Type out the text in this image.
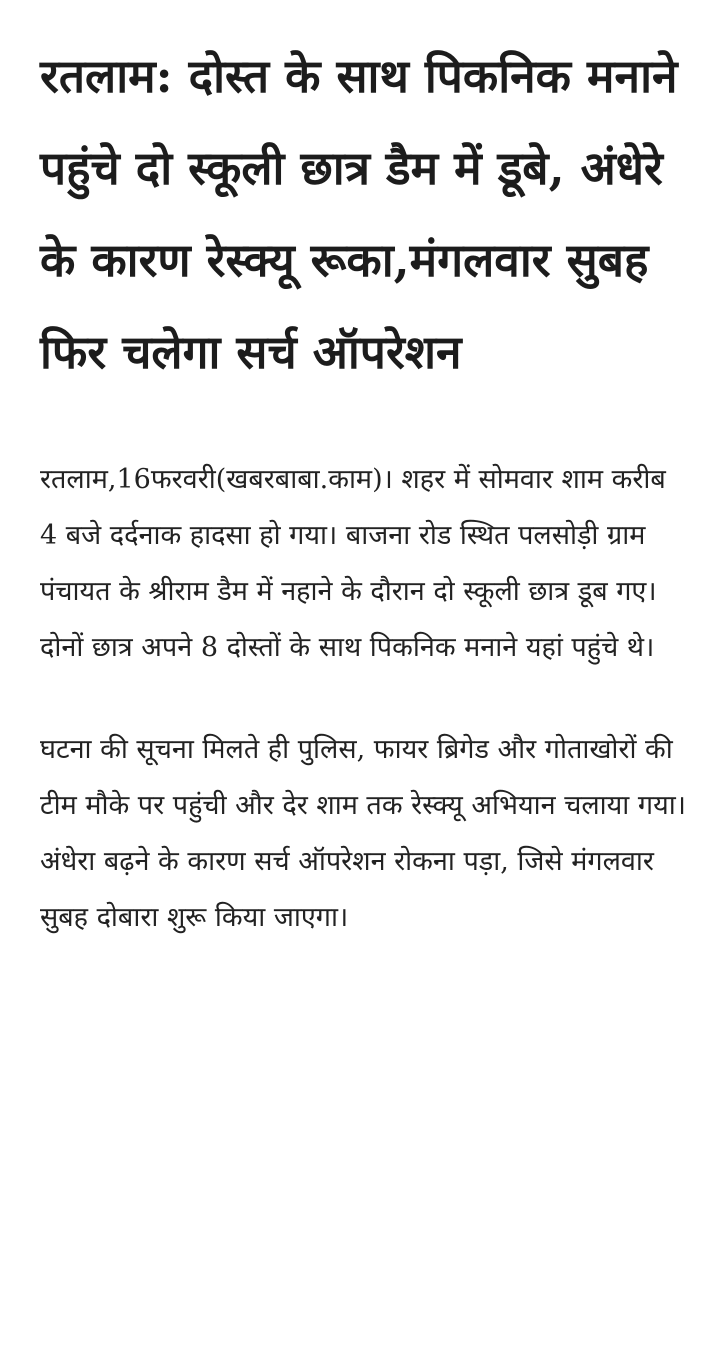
रतलाम: दोस्त के साथ पिकनिक मनाने पहुंचे दो स्कूली छात्र डैम में डूबे, अंधेरे के कारण रेस्क्यू रूका,मंगलवार सुबह फिर चलेगा सर्च ऑपरेशन

रतलाम,16फरवरी(खबरबाबा.काम)। शहर में सोमवार शाम करीब 4 बजे दर्दनाक हादसा हो गया। बाजना रोड स्थित पलसोड़ी ग्राम पंचायत के श्रीराम डैम में नहाने के दौरान दो स्कूली छात्र डूब गए। दोनों छात्र अपने 8 दोस्तों के साथ पिकनिक मनाने यहां पहुंचे थे।

घटना की सूचना मिलते ही पुलिस, फायर ब्रिगेड और गोताखोरों की टीम मौके पर पहुंची और देर शाम तक रेस्क्यू अभियान चलाया गया। अंधेरा बढ़ने के कारण सर्च ऑपरेशन रोकना पड़ा, जिसे मंगलवार सुबह दोबारा शुरू किया जाएगा।
